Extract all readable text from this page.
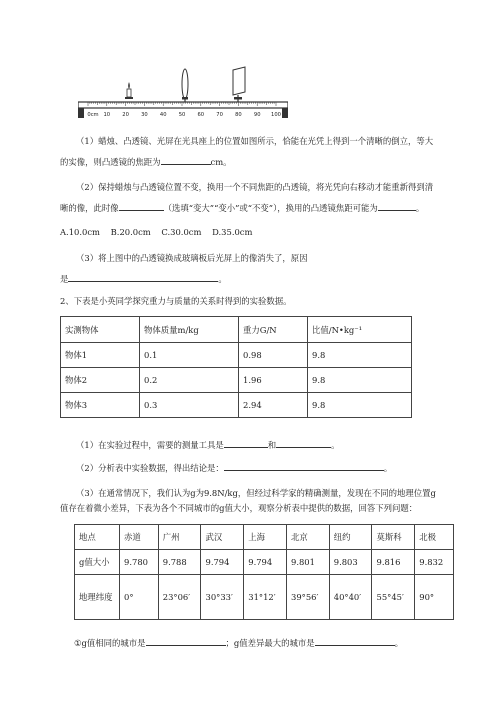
0cm 10 20 30 40 50 60 70 80 90 100
（1）蜡烛、凸透镜、光屏在光具座上的位置如图所示，恰能在光凭上得到一个清晰的倒立，等大
的实像，则凸透镜的焦距为	cm。
（2）保持蜡烛与凸透镜位置不变，换用一个不同焦距的凸透镜，将光凭向右移动才能重新得到清
晰的像，此时像	（选填“变大”“变小”或“不变”），换用的凸透镜焦距可能为	。
A.10.0cm    B.20.0cm    C.30.0cm    D.35.0cm
（3）将上图中的凸透镜换成玻璃板后光屏上的像消失了，原因
是	。
2、下表是小英同学探究重力与质量的关系时得到的实验数据。
实测物体	物体质量m/kg	重力G/N	比值/N•kg⁻¹
物体1	0.1	0.98	9.8
物体2	0.2	1.96	9.8
物体3	0.3	2.94	9.8
（1）在实验过程中，需要的测量工具是	和	。
（2）分析表中实验数据，得出结论是：	。
（3）在通常情况下，我们认为g为9.8N/kg，但经过科学家的精确测量，发现在不同的地理位置g
值存在着微小差异，下表为各个不同城市的g值大小，观察分析表中提供的数据，回答下列问题：
地点	赤道	广州	武汉	上海	北京	纽约	莫斯科	北极
g值大小	9.780	9.788	9.794	9.794	9.801	9.803	9.816	9.832
地理纬度	0°	23°06′	30°33′	31°12′	39°56′	40°40′	55°45′	90°
①g值相同的城市是	；g值差异最大的城市是	。
